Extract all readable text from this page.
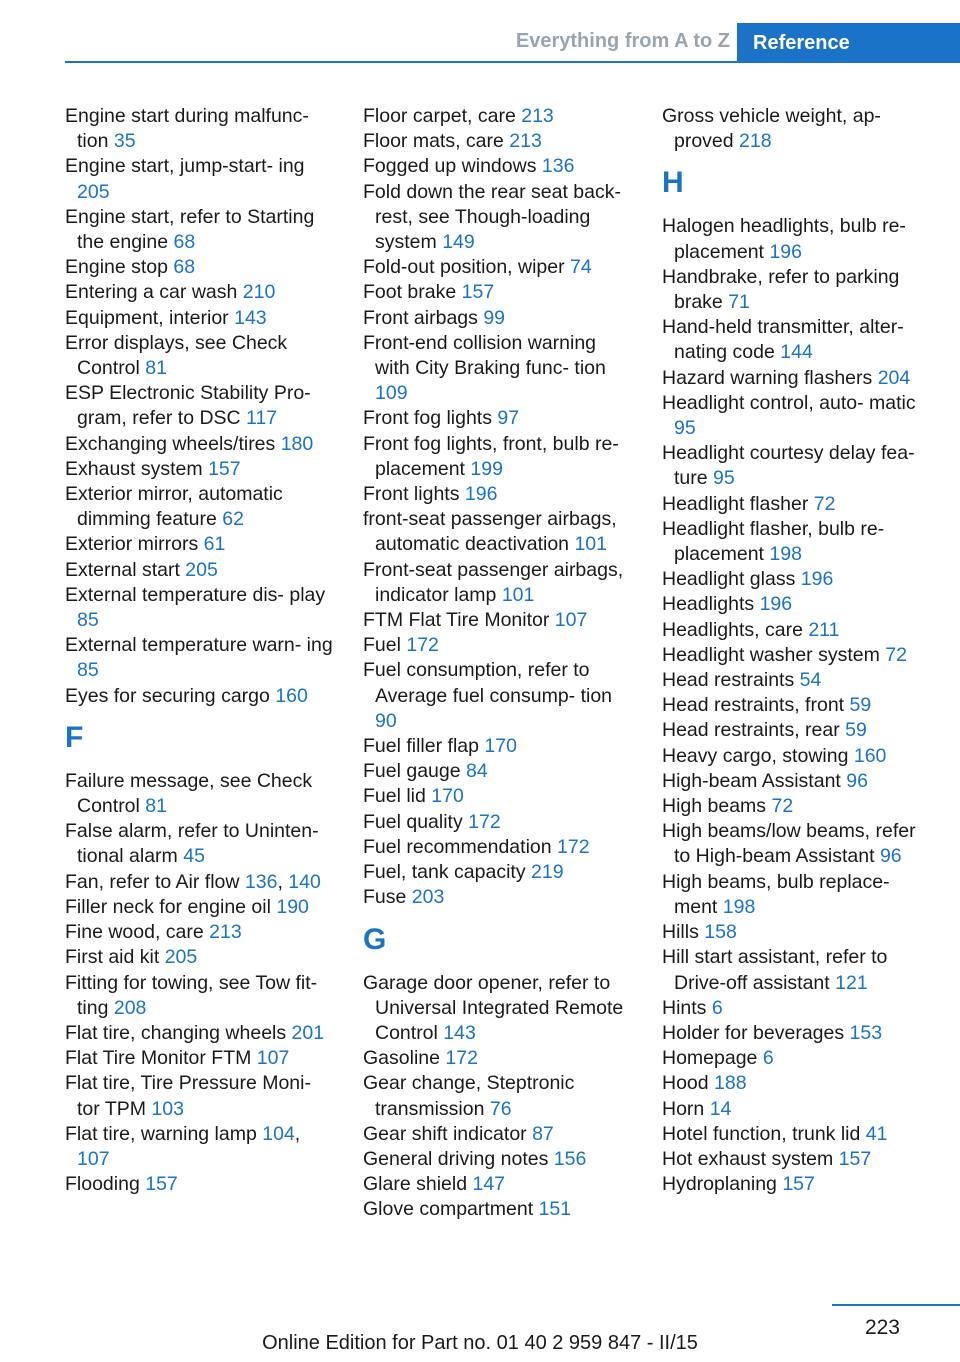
Everything from A to Z	Reference
Engine start during malfunc- tion 35
Engine start, jump-start- ing 205
Engine start, refer to Starting the engine 68
Engine stop 68
Entering a car wash 210
Equipment, interior 143
Error displays, see Check Control 81
ESP Electronic Stability Pro- gram, refer to DSC 117
Exchanging wheels/tires 180
Exhaust system 157
Exterior mirror, automatic dimming feature 62
Exterior mirrors 61
External start 205
External temperature dis- play 85
External temperature warn- ing 85
Eyes for securing cargo 160
F
Failure message, see Check Control 81
False alarm, refer to Uninten- tional alarm 45
Fan, refer to Air flow 136, 140
Filler neck for engine oil 190
Fine wood, care 213
First aid kit 205
Fitting for towing, see Tow fit- ting 208
Flat tire, changing wheels 201
Flat Tire Monitor FTM 107
Flat tire, Tire Pressure Moni- tor TPM 103
Flat tire, warning lamp 104, 107
Flooding 157
Floor carpet, care 213
Floor mats, care 213
Fogged up windows 136
Fold down the rear seat back- rest, see Though-loading system 149
Fold-out position, wiper 74
Foot brake 157
Front airbags 99
Front-end collision warning with City Braking func- tion 109
Front fog lights 97
Front fog lights, front, bulb re- placement 199
Front lights 196
front-seat passenger airbags, automatic deactivation 101
Front-seat passenger airbags, indicator lamp 101
FTM Flat Tire Monitor 107
Fuel 172
Fuel consumption, refer to Average fuel consump- tion 90
Fuel filler flap 170
Fuel gauge 84
Fuel lid 170
Fuel quality 172
Fuel recommendation 172
Fuel, tank capacity 219
Fuse 203
G
Garage door opener, refer to Universal Integrated Remote Control 143
Gasoline 172
Gear change, Steptronic transmission 76
Gear shift indicator 87
General driving notes 156
Glare shield 147
Glove compartment 151
Gross vehicle weight, ap- proved 218
H
Halogen headlights, bulb re- placement 196
Handbrake, refer to parking brake 71
Hand-held transmitter, alter- nating code 144
Hazard warning flashers 204
Headlight control, auto- matic 95
Headlight courtesy delay fea- ture 95
Headlight flasher 72
Headlight flasher, bulb re- placement 198
Headlight glass 196
Headlights 196
Headlights, care 211
Headlight washer system 72
Head restraints 54
Head restraints, front 59
Head restraints, rear 59
Heavy cargo, stowing 160
High-beam Assistant 96
High beams 72
High beams/low beams, refer to High-beam Assistant 96
High beams, bulb replace- ment 198
Hills 158
Hill start assistant, refer to Drive-off assistant 121
Hints 6
Holder for beverages 153
Homepage 6
Hood 188
Horn 14
Hotel function, trunk lid 41
Hot exhaust system 157
Hydroplaning 157
223
Online Edition for Part no. 01 40 2 959 847 - II/15
